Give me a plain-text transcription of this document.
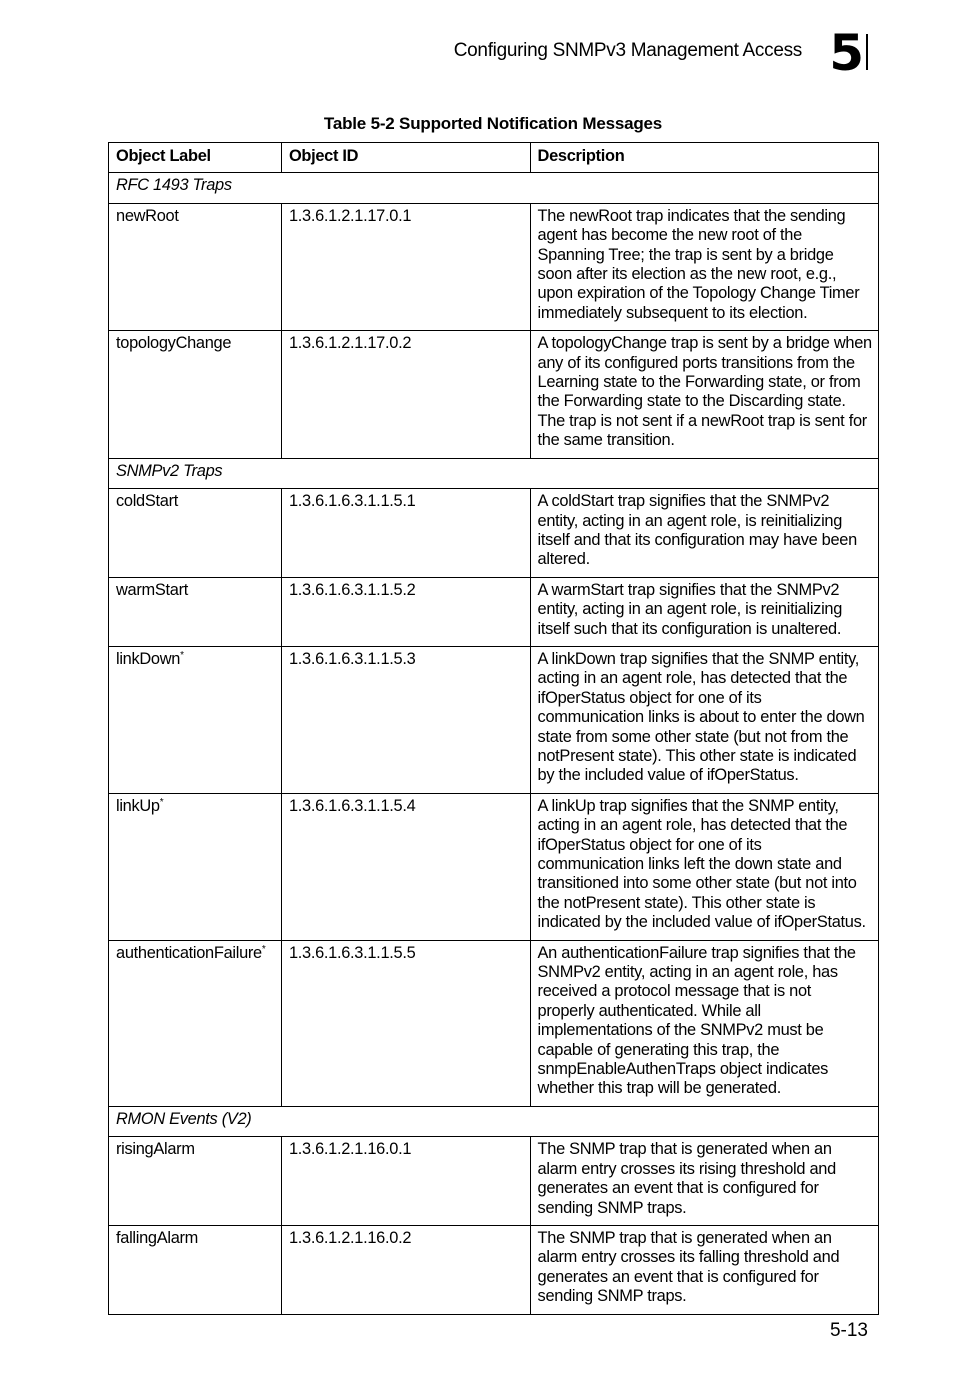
Configuring SNMPv3 Management Access 5
Table 5-2 Supported Notification Messages
Object Label	Object ID	Description
RFC 1493 Traps		
newRoot	1.3.6.1.2.1.17.0.1	The newRoot trap indicates that the sending agent has become the new root of the Spanning Tree; the trap is sent by a bridge soon after its election as the new root, e.g., upon expiration of the Topology Change Timer immediately subsequent to its election.
topologyChange	1.3.6.1.2.1.17.0.2	A topologyChange trap is sent by a bridge when any of its configured ports transitions from the Learning state to the Forwarding state, or from the Forwarding state to the Discarding state. The trap is not sent if a newRoot trap is sent for the same transition.
SNMPv2 Traps		
coldStart	1.3.6.1.6.3.1.1.5.1	A coldStart trap signifies that the SNMPv2 entity, acting in an agent role, is reinitializing itself and that its configuration may have been altered.
warmStart	1.3.6.1.6.3.1.1.5.2	A warmStart trap signifies that the SNMPv2 entity, acting in an agent role, is reinitializing itself such that its configuration is unaltered.
linkDown*	1.3.6.1.6.3.1.1.5.3	A linkDown trap signifies that the SNMP entity, acting in an agent role, has detected that the ifOperStatus object for one of its communication links is about to enter the down state from some other state (but not from the notPresent state). This other state is indicated by the included value of ifOperStatus.
linkUp*	1.3.6.1.6.3.1.1.5.4	A linkUp trap signifies that the SNMP entity, acting in an agent role, has detected that the ifOperStatus object for one of its communication links left the down state and transitioned into some other state (but not into the notPresent state). This other state is indicated by the included value of ifOperStatus.
authenticationFailure*	1.3.6.1.6.3.1.1.5.5	An authenticationFailure trap signifies that the SNMPv2 entity, acting in an agent role, has received a protocol message that is not properly authenticated. While all implementations of the SNMPv2 must be capable of generating this trap, the snmpEnableAuthenTraps object indicates whether this trap will be generated.
RMON Events (V2)		
risingAlarm	1.3.6.1.2.1.16.0.1	The SNMP trap that is generated when an alarm entry crosses its rising threshold and generates an event that is configured for sending SNMP traps.
fallingAlarm	1.3.6.1.2.1.16.0.2	The SNMP trap that is generated when an alarm entry crosses its falling threshold and generates an event that is configured for sending SNMP traps.
5-13
